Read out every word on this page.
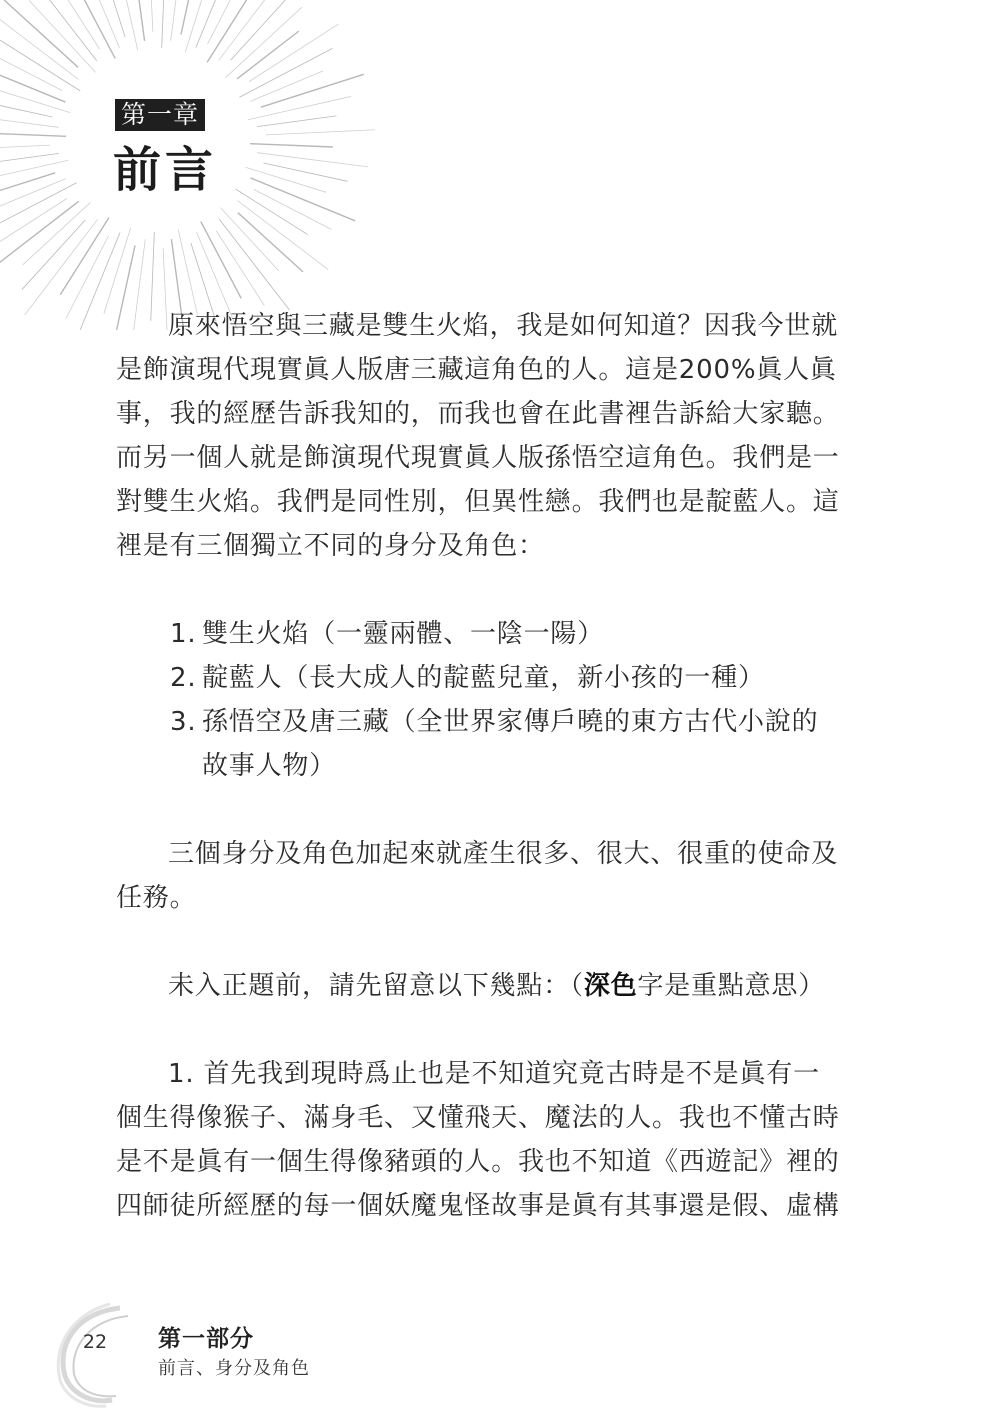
第一章
前言

原來悟空與三藏是雙生火焰，我是如何知道？因我今世就是飾演現代現實眞人版唐三藏這角色的人。這是200%眞人眞事，我的經歷告訴我知的，而我也會在此書裡告訴給大家聽。而另一個人就是飾演現代現實眞人版孫悟空這角色。我們是一對雙生火焰。我們是同性別，但異性戀。我們也是靛藍人。這裡是有三個獨立不同的身分及角色：

1. 雙生火焰（一靈兩體、一陰一陽）
2. 靛藍人（長大成人的靛藍兒童，新小孩的一種）
3. 孫悟空及唐三藏（全世界家傳戶曉的東方古代小說的故事人物）

三個身分及角色加起來就產生很多、很大、很重的使命及任務。

未入正題前，請先留意以下幾點：（深色字是重點意思）

1. 首先我到現時爲止也是不知道究竟古時是不是眞有一個生得像猴子、滿身毛、又懂飛天、魔法的人。我也不懂古時是不是眞有一個生得像豬頭的人。我也不知道《西遊記》裡的四師徒所經歷的每一個妖魔鬼怪故事是眞有其事還是假、虛構

22	第一部分
前言、身分及角色
